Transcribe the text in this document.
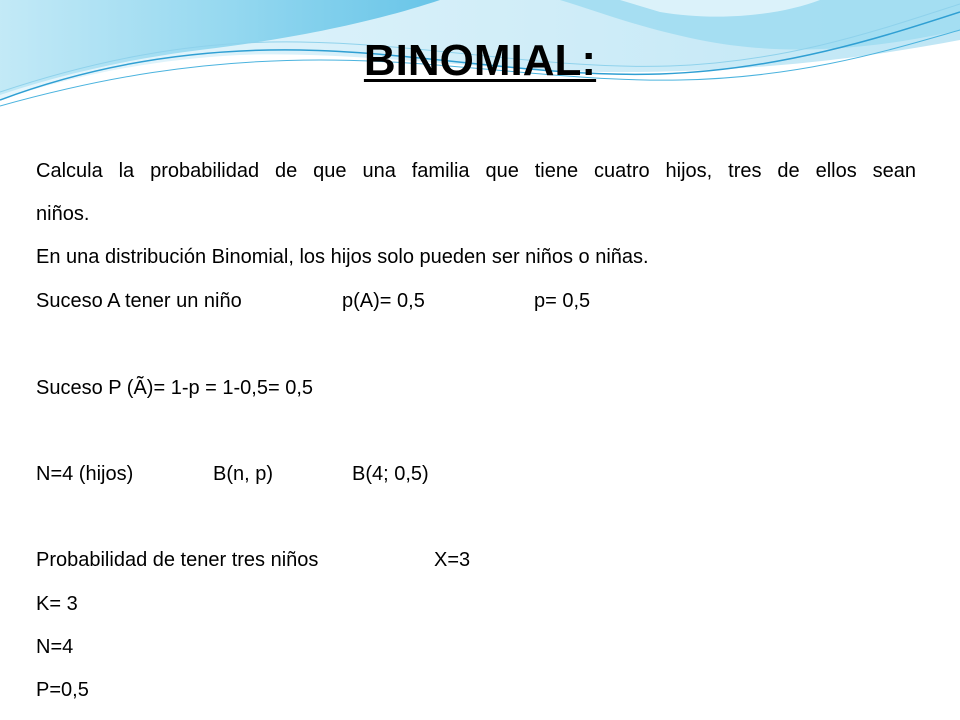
BINOMIAL:

Calcula la probabilidad de que una familia que tiene cuatro hijos, tres de ellos sean

niños.

En una distribución Binomial, los hijos solo pueden ser niños o niñas.

Suceso A tener un niño	p(A)= 0,5	p= 0,5

Suceso P (Ã)= 1-p = 1-0,5= 0,5

N=4 (hijos)	B(n, p)	B(4; 0,5)
Probabilidad de tener tres niños	X=3

K= 3

N=4

P=0,5
